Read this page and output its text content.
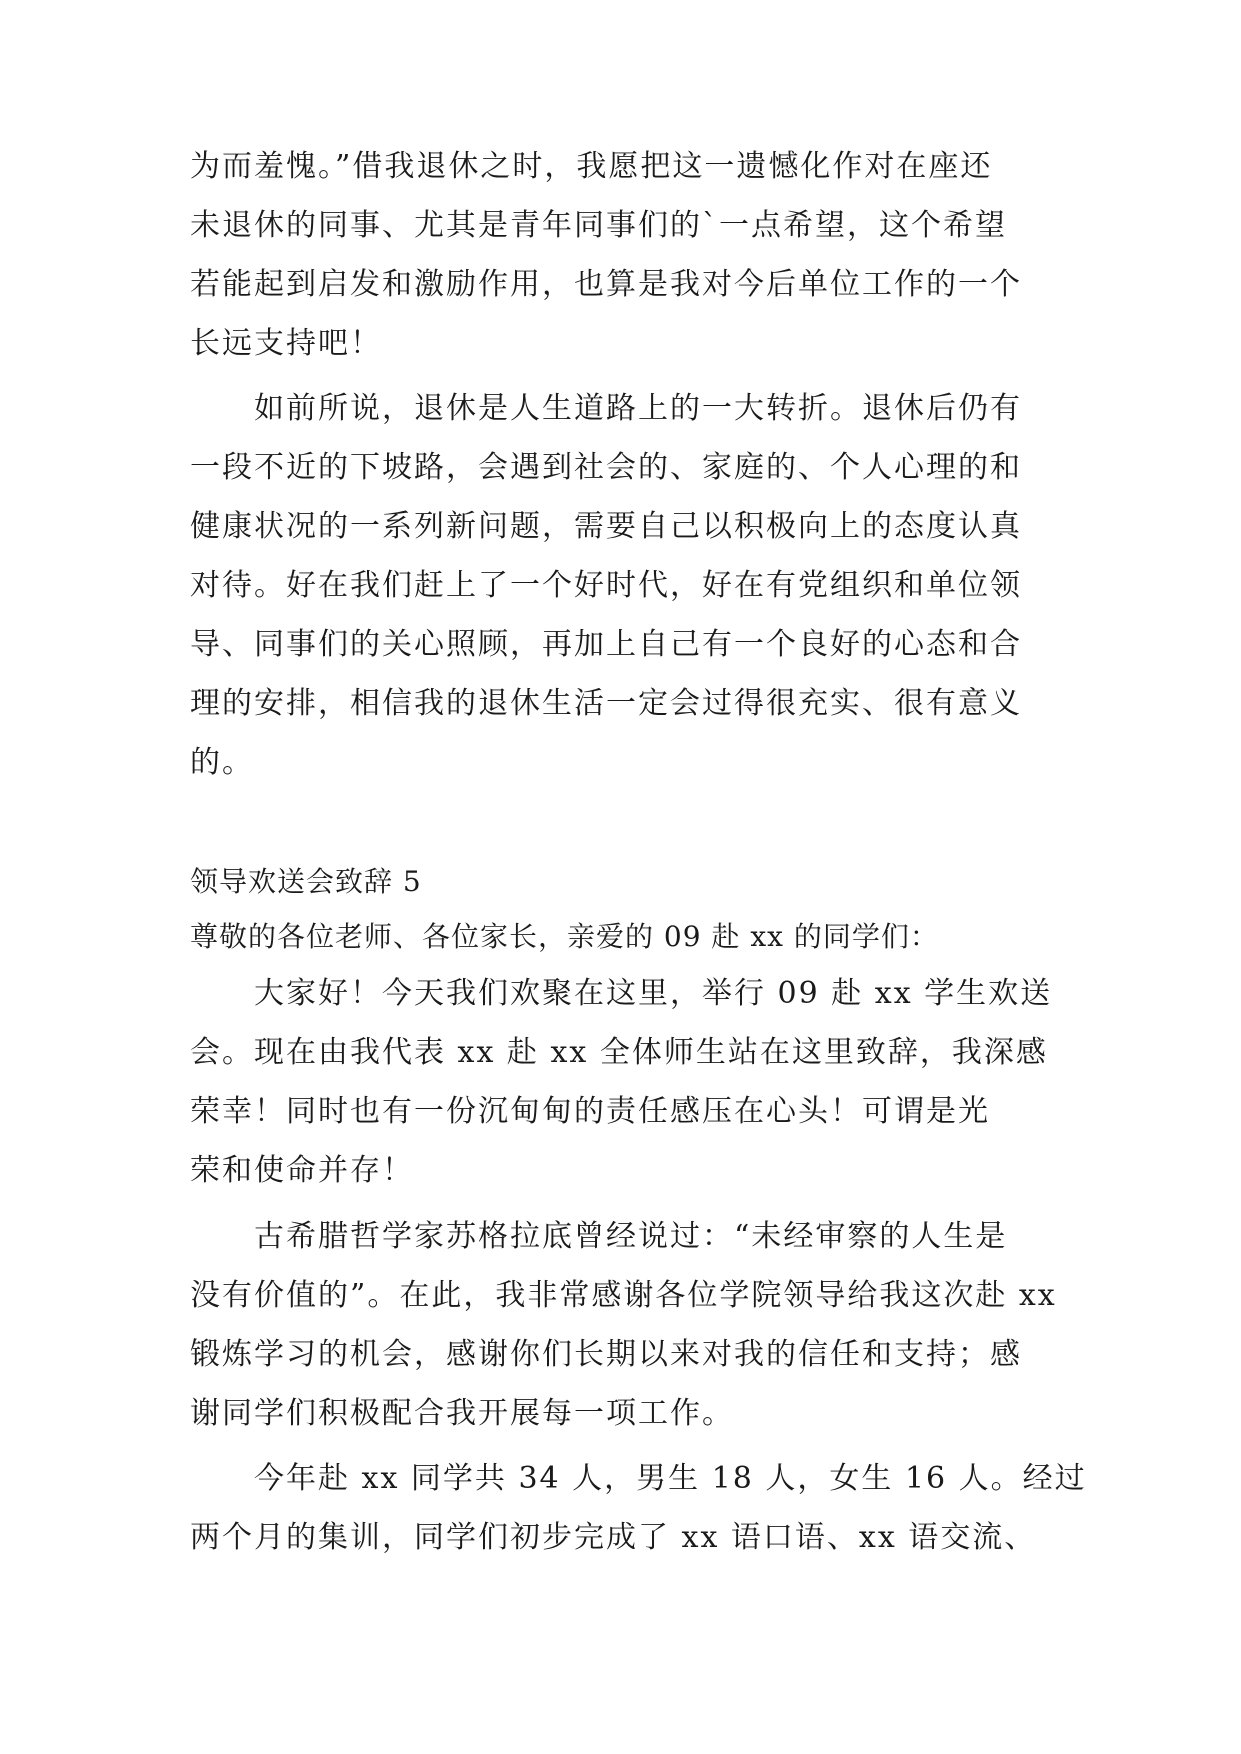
为而羞愧。”借我退休之时，我愿把这一遗憾化作对在座还
未退休的同事、尤其是青年同事们的`一点希望，这个希望
若能起到启发和激励作用，也算是我对今后单位工作的一个
长远支持吧！
　　如前所说，退休是人生道路上的一大转折。退休后仍有
一段不近的下坡路，会遇到社会的、家庭的、个人心理的和
健康状况的一系列新问题，需要自己以积极向上的态度认真
对待。好在我们赶上了一个好时代，好在有党组织和单位领
导、同事们的关心照顾，再加上自己有一个良好的心态和合
理的安排，相信我的退休生活一定会过得很充实、很有意义
的。
领导欢送会致辞 5
尊敬的各位老师、各位家长，亲爱的 09 赴 xx 的同学们：
　　大家好！今天我们欢聚在这里，举行 09 赴 xx 学生欢送
会。现在由我代表 xx 赴 xx 全体师生站在这里致辞，我深感
荣幸！同时也有一份沉甸甸的责任感压在心头！可谓是光
荣和使命并存！
　　古希腊哲学家苏格拉底曾经说过：“未经审察的人生是
没有价值的”。在此，我非常感谢各位学院领导给我这次赴 xx
锻炼学习的机会，感谢你们长期以来对我的信任和支持；感
谢同学们积极配合我开展每一项工作。
　　今年赴 xx 同学共 34 人，男生 18 人，女生 16 人。经过
两个月的集训，同学们初步完成了 xx 语口语、xx 语交流、
